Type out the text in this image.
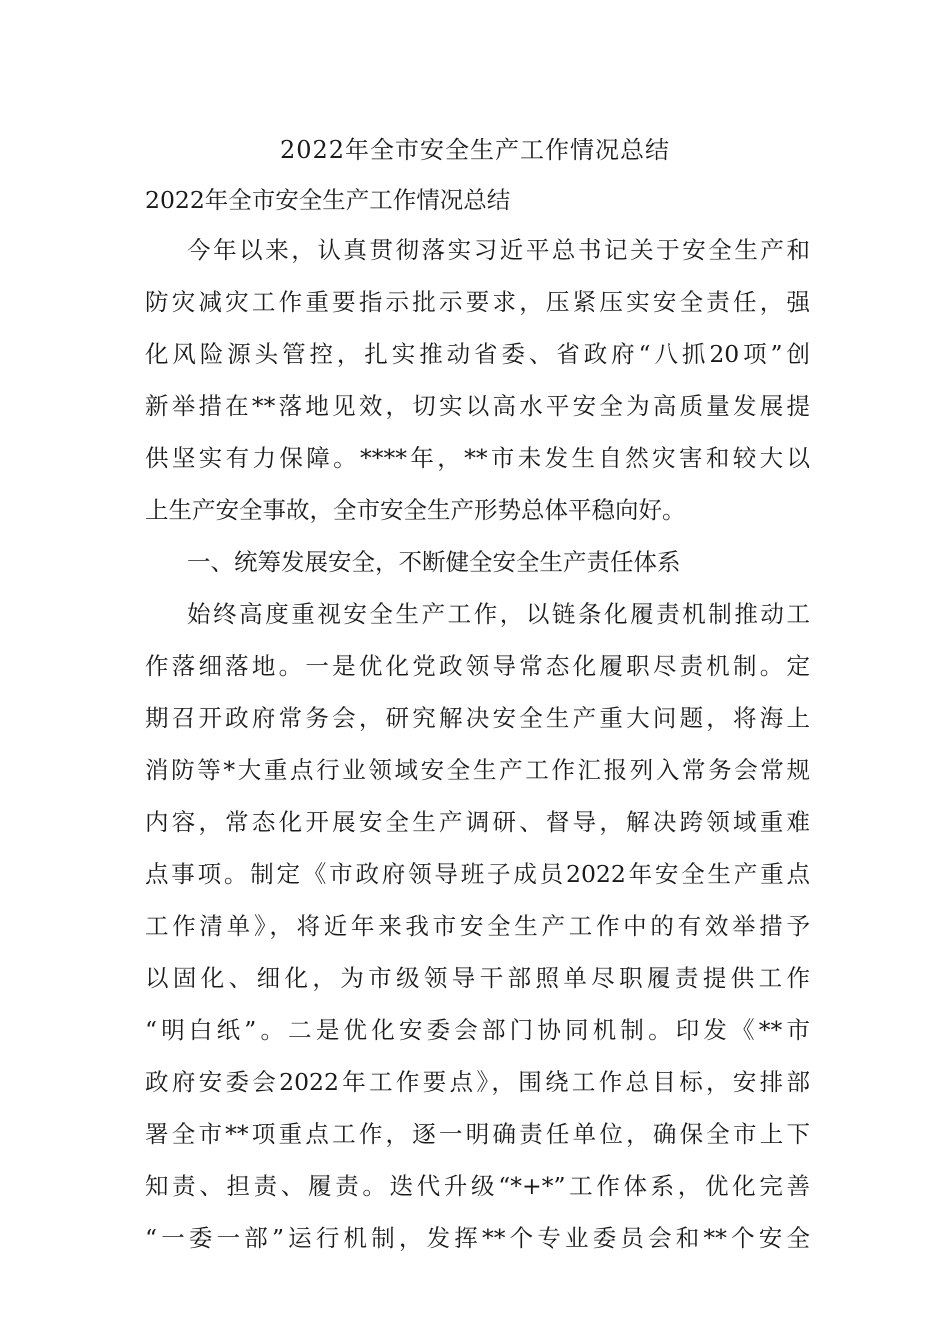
2022年全市安全生产工作情况总结
2022年全市安全生产工作情况总结
今年以来，认真贯彻落实习近平总书记关于安全生产和
防灾减灾工作重要指示批示要求，压紧压实安全责任，强
化风险源头管控，扎实推动省委、省政府“八抓20项”创
新举措在**落地见效，切实以高水平安全为高质量发展提
供坚实有力保障。****年，**市未发生自然灾害和较大以
上生产安全事故，全市安全生产形势总体平稳向好。
一、统筹发展安全，不断健全安全生产责任体系
始终高度重视安全生产工作，以链条化履责机制推动工
作落细落地。一是优化党政领导常态化履职尽责机制。定
期召开政府常务会，研究解决安全生产重大问题，将海上
消防等*大重点行业领域安全生产工作汇报列入常务会常规
内容，常态化开展安全生产调研、督导，解决跨领域重难
点事项。制定《市政府领导班子成员2022年安全生产重点
工作清单》，将近年来我市安全生产工作中的有效举措予
以固化、细化，为市级领导干部照单尽职履责提供工作
“明白纸”。二是优化安委会部门协同机制。印发《**市
政府安委会2022年工作要点》，围绕工作总目标，安排部
署全市**项重点工作，逐一明确责任单位，确保全市上下
知责、担责、履责。迭代升级“*+*”工作体系，优化完善
“一委一部”运行机制，发挥**个专业委员会和**个安全
